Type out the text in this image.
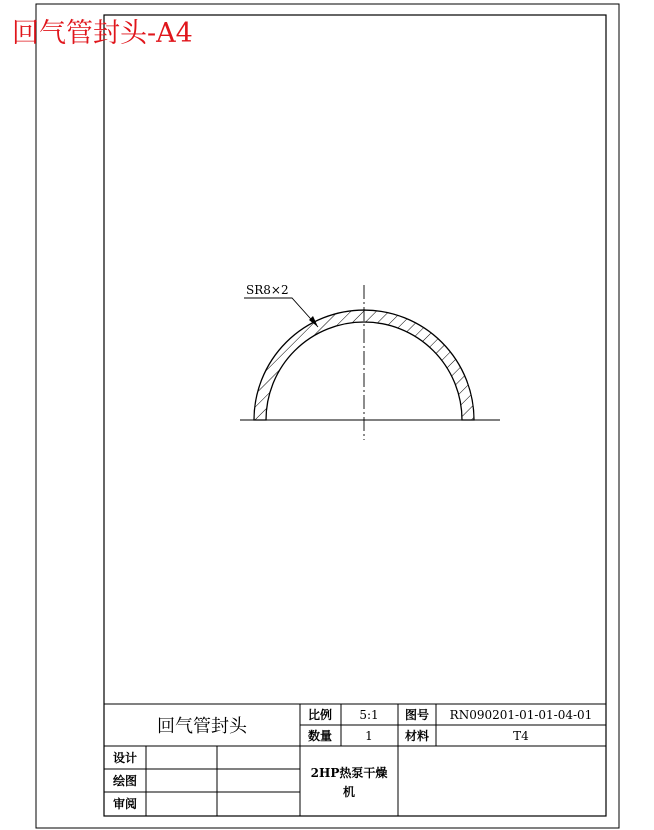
回气管封头-A4
SR8×2
回气管封头
比例 5:1 图号 RN090201-01-01-04-01
数量	1	材料	T4
设计
绘图
审阅
2HP热泵干燥
机
